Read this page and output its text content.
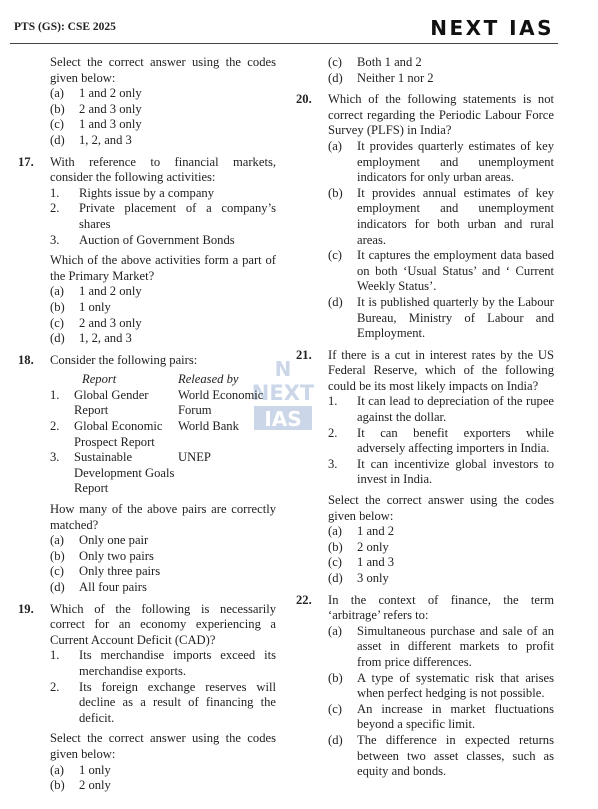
PTS (GS): CSE 2025	NEXT IAS
N
NEXT
IAS
Select the correct answer using the codes given below:
(a) 1 and 2 only
(b) 2 and 3 only
(c) 1 and 3 only
(d) 1, 2, and 3
17. With reference to financial markets, consider the following activities:
1. Rights issue by a company
2. Private placement of a company’s shares
3. Auction of Government Bonds
Which of the above activities form a part of the Primary Market?
(a) 1 and 2 only
(b) 1 only
(c) 2 and 3 only
(d) 1, 2, and 3
18. Consider the following pairs:
	Report	Released by
1.	Global Gender Report	World Economic Forum
2.	Global Economic Prospect Report	World Bank
3.	Sustainable Development Goals Report	UNEP
How many of the above pairs are correctly matched?
(a) Only one pair
(b) Only two pairs
(c) Only three pairs
(d) All four pairs
19. Which of the following is necessarily correct for an economy experiencing a Current Account Deficit (CAD)?
1. Its merchandise imports exceed its merchandise exports.
2. Its foreign exchange reserves will decline as a result of financing the deficit.
Select the correct answer using the codes given below:
(a) 1 only
(b) 2 only
(c) Both 1 and 2
(d) Neither 1 nor 2
20. Which of the following statements is not correct regarding the Periodic Labour Force Survey (PLFS) in India?
(a) It provides quarterly estimates of key employment and unemployment indicators for only urban areas.
(b) It provides annual estimates of key employment and unemployment indicators for both urban and rural areas.
(c) It captures the employment data based on both ‘Usual Status’ and ‘ Current Weekly Status’.
(d) It is published quarterly by the Labour Bureau, Ministry of Labour and Employment.
21. If there is a cut in interest rates by the US Federal Reserve, which of the following could be its most likely impacts on India?
1. It can lead to depreciation of the rupee against the dollar.
2. It can benefit exporters while adversely affecting importers in India.
3. It can incentivize global investors to invest in India.
Select the correct answer using the codes given below:
(a) 1 and 2
(b) 2 only
(c) 1 and 3
(d) 3 only
22. In the context of finance, the term ‘arbitrage’ refers to:
(a) Simultaneous purchase and sale of an asset in different markets to profit from price differences.
(b) A type of systematic risk that arises when perfect hedging is not possible.
(c) An increase in market fluctuations beyond a specific limit.
(d) The difference in expected returns between two asset classes, such as equity and bonds.
